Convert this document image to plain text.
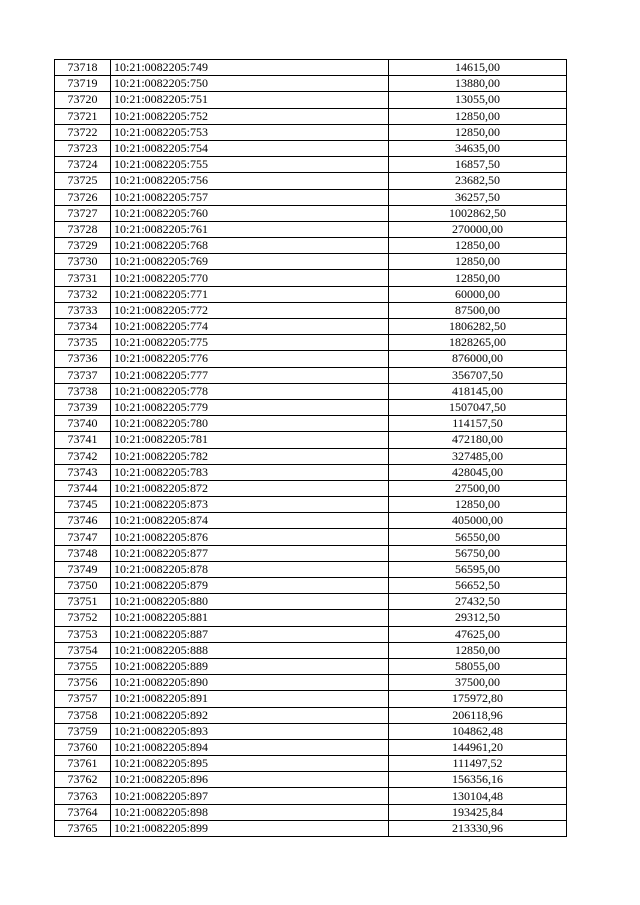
73718	10:21:0082205:749	14615,00
73719	10:21:0082205:750	13880,00
73720	10:21:0082205:751	13055,00
73721	10:21:0082205:752	12850,00
73722	10:21:0082205:753	12850,00
73723	10:21:0082205:754	34635,00
73724	10:21:0082205:755	16857,50
73725	10:21:0082205:756	23682,50
73726	10:21:0082205:757	36257,50
73727	10:21:0082205:760	1002862,50
73728	10:21:0082205:761	270000,00
73729	10:21:0082205:768	12850,00
73730	10:21:0082205:769	12850,00
73731	10:21:0082205:770	12850,00
73732	10:21:0082205:771	60000,00
73733	10:21:0082205:772	87500,00
73734	10:21:0082205:774	1806282,50
73735	10:21:0082205:775	1828265,00
73736	10:21:0082205:776	876000,00
73737	10:21:0082205:777	356707,50
73738	10:21:0082205:778	418145,00
73739	10:21:0082205:779	1507047,50
73740	10:21:0082205:780	114157,50
73741	10:21:0082205:781	472180,00
73742	10:21:0082205:782	327485,00
73743	10:21:0082205:783	428045,00
73744	10:21:0082205:872	27500,00
73745	10:21:0082205:873	12850,00
73746	10:21:0082205:874	405000,00
73747	10:21:0082205:876	56550,00
73748	10:21:0082205:877	56750,00
73749	10:21:0082205:878	56595,00
73750	10:21:0082205:879	56652,50
73751	10:21:0082205:880	27432,50
73752	10:21:0082205:881	29312,50
73753	10:21:0082205:887	47625,00
73754	10:21:0082205:888	12850,00
73755	10:21:0082205:889	58055,00
73756	10:21:0082205:890	37500,00
73757	10:21:0082205:891	175972,80
73758	10:21:0082205:892	206118,96
73759	10:21:0082205:893	104862,48
73760	10:21:0082205:894	144961,20
73761	10:21:0082205:895	111497,52
73762	10:21:0082205:896	156356,16
73763	10:21:0082205:897	130104,48
73764	10:21:0082205:898	193425,84
73765	10:21:0082205:899	213330,96
